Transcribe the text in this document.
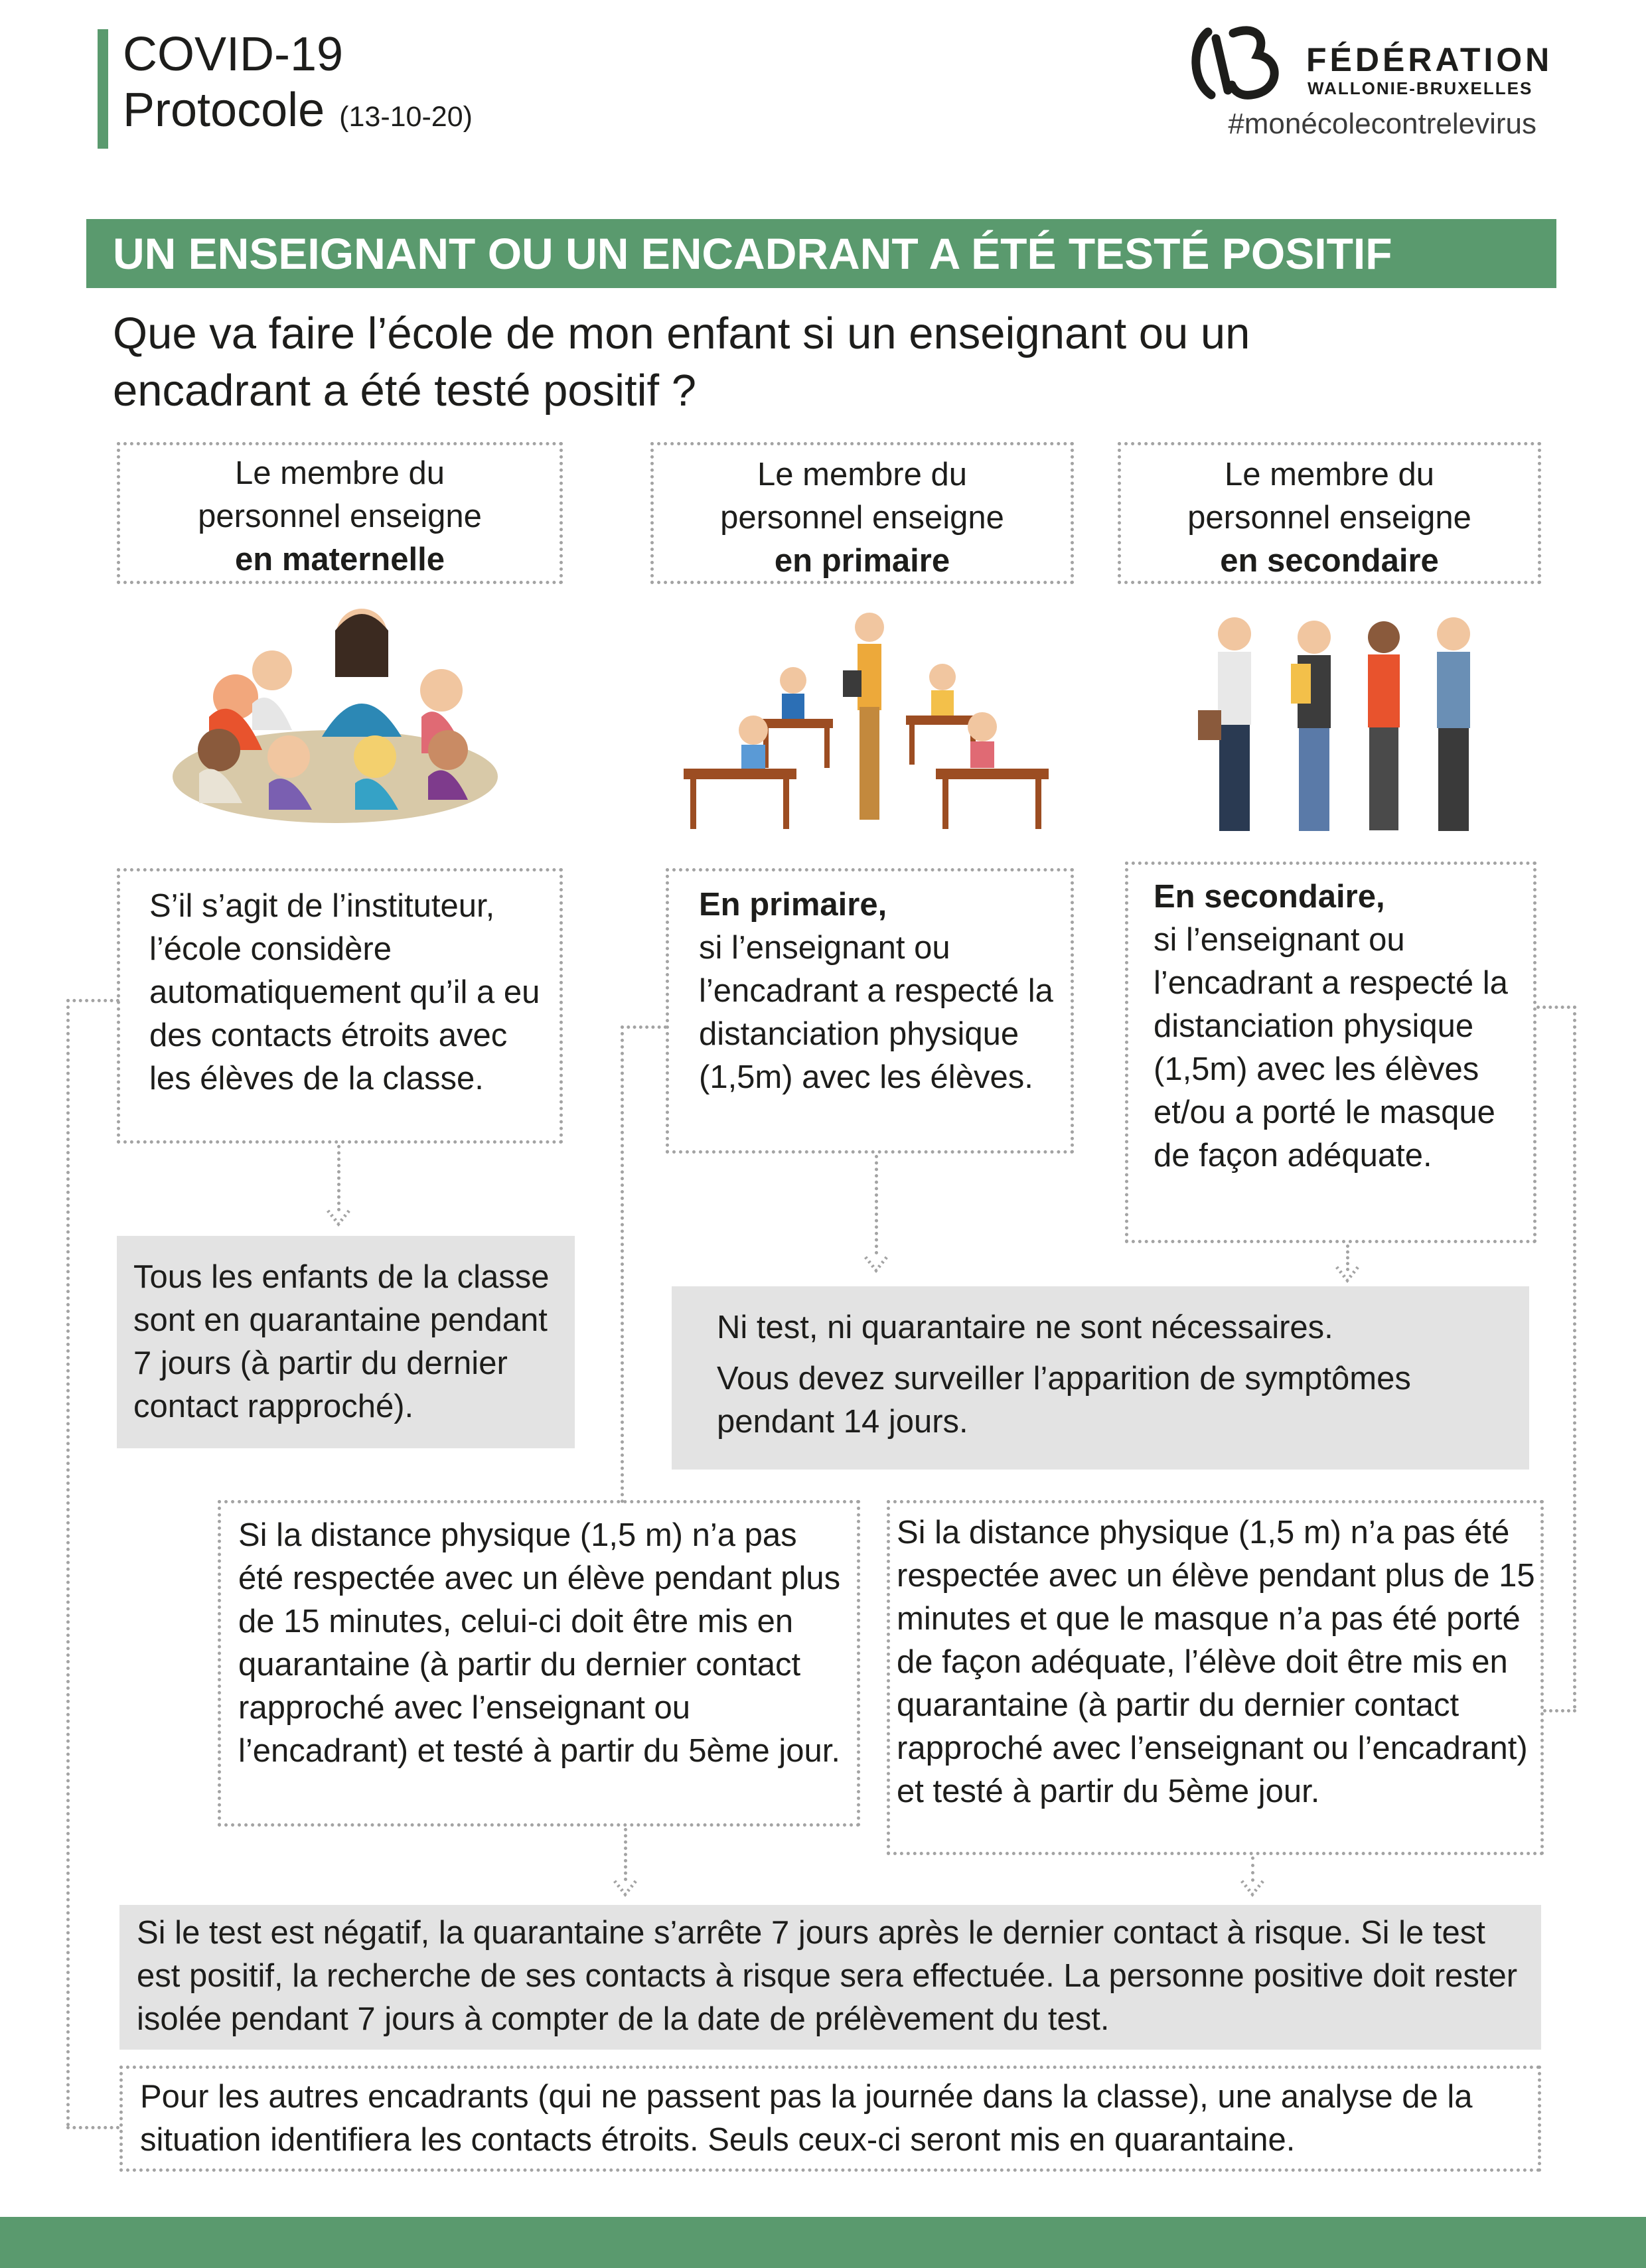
COVID-19
Protocole (13-10-20)
FÉDÉRATION
WALLONIE-BRUXELLES
#monécolecontrelevirus
UN ENSEIGNANT OU UN ENCADRANT A ÉTÉ TESTÉ POSITIF
Que va faire l’école de mon enfant si un enseignant ou un encadrant a été testé positif ?
Le membre du
personnel enseigne
en maternelle
Le membre du
personnel enseigne
en primaire
Le membre du
personnel enseigne
en secondaire
S’il s’agit de l’instituteur, l’école considère automatiquement qu’il a eu des contacts étroits avec les élèves de la classe.
En primaire,
si l’enseignant ou l’encadrant a respecté la distanciation physique (1,5m) avec les élèves.
En secondaire,
si l’enseignant ou l’encadrant a respecté la distanciation physique (1,5m) avec les élèves et/ou a porté le masque de façon adéquate.
Tous les enfants de la classe sont en quarantaine pendant 7 jours (à partir du dernier contact rapproché).
Ni test, ni quarantaire ne sont nécessaires.
Vous devez surveiller l’apparition de symptômes pendant 14 jours.
Si la distance physique (1,5 m) n’a pas été respectée avec un élève pendant plus de 15 minutes, celui-ci doit être mis en quarantaine (à partir du dernier contact rapproché avec l’enseignant ou l’encadrant) et testé à partir du 5ème jour.
Si la distance physique (1,5 m) n’a pas été respectée avec un élève pendant plus de 15 minutes et que le masque n’a pas été porté de façon adéquate, l’élève doit être mis en quarantaine (à partir du dernier contact rapproché avec l’enseignant ou l’encadrant) et testé à partir du 5ème jour.
Si le test est négatif, la quarantaine s’arrête 7 jours après le dernier contact à risque. Si le test est positif, la recherche de ses contacts à risque sera effectuée. La personne positive doit rester isolée pendant 7 jours à compter de la date de prélèvement du test.
Pour les autres encadrants (qui ne passent pas la journée dans la classe), une analyse de la situation identifiera les contacts étroits. Seuls ceux-ci seront mis en quarantaine.
